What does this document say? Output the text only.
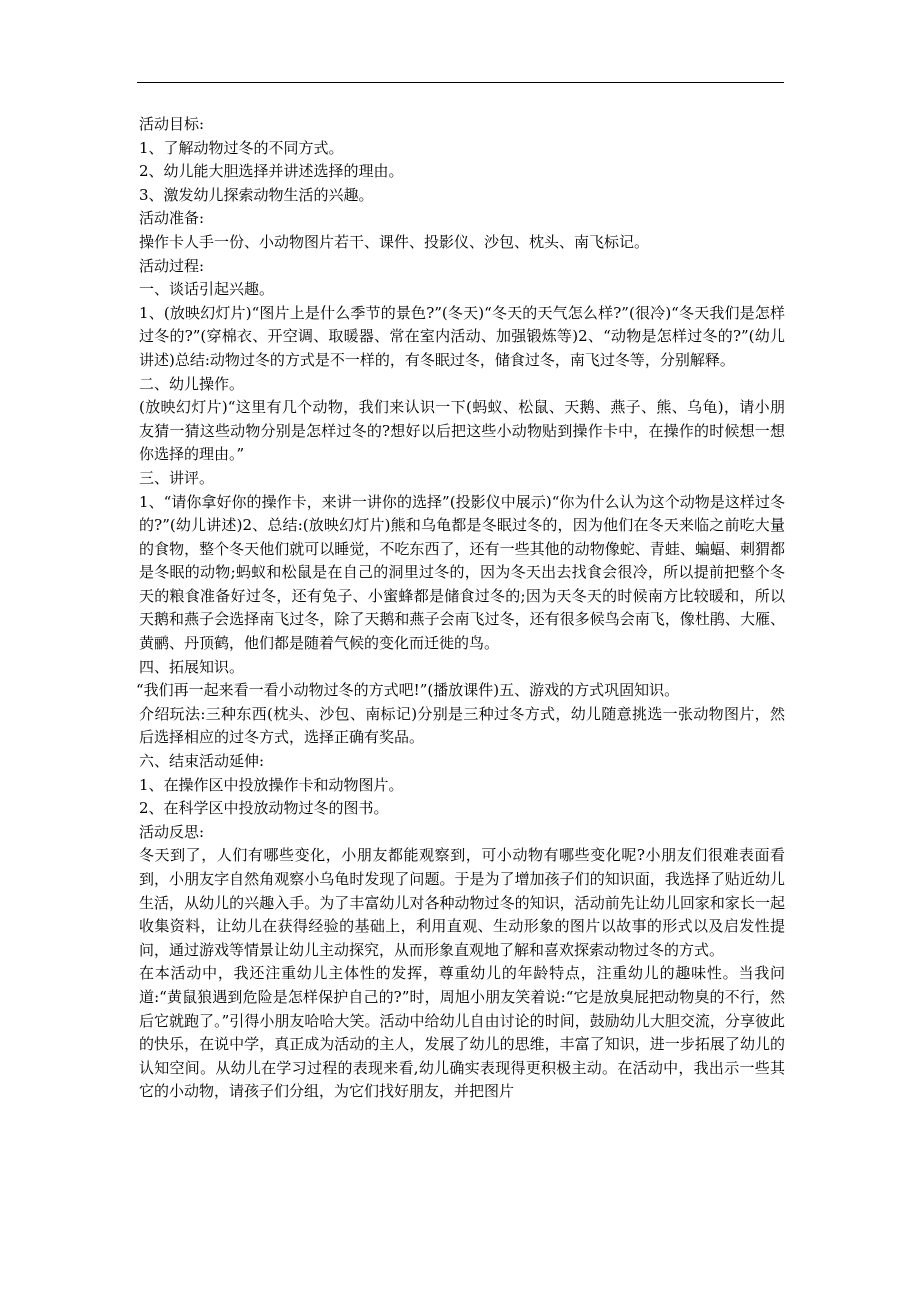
活动目标:

1、了解动物过冬的不同方式。

2、幼儿能大胆选择并讲述选择的理由。

3、激发幼儿探索动物生活的兴趣。

活动准备:

操作卡人手一份、小动物图片若干、课件、投影仪、沙包、枕头、南飞标记。

活动过程:

一、谈话引起兴趣。

1、(放映幻灯片)“图片上是什么季节的景色?”(冬天)“冬天的天气怎么样?”(很冷)“冬天我们是怎样过冬的?”(穿棉衣、开空调、取暖器、常在室内活动、加强锻炼等)2、“动物是怎样过冬的?”(幼儿讲述)总结:动物过冬的方式是不一样的，有冬眠过冬，储食过冬，南飞过冬等，分别解释。

二、幼儿操作。

(放映幻灯片)“这里有几个动物，我们来认识一下(蚂蚁、松鼠、天鹅、燕子、熊、乌龟)，请小朋友猜一猜这些动物分别是怎样过冬的?想好以后把这些小动物贴到操作卡中，在操作的时候想一想你选择的理由。”

三、讲评。

1、“请你拿好你的操作卡，来讲一讲你的选择”(投影仪中展示)“你为什么认为这个动物是这样过冬的?”(幼儿讲述)2、总结:(放映幻灯片)熊和乌龟都是冬眠过冬的，因为他们在冬天来临之前吃大量的食物，整个冬天他们就可以睡觉，不吃东西了，还有一些其他的动物像蛇、青蛙、蝙蝠、刺猬都是冬眠的动物;蚂蚁和松鼠是在自己的洞里过冬的，因为冬天出去找食会很冷，所以提前把整个冬天的粮食准备好过冬，还有兔子、小蜜蜂都是储食过冬的;因为天冬天的时候南方比较暖和，所以天鹅和燕子会选择南飞过冬，除了天鹅和燕子会南飞过冬，还有很多候鸟会南飞，像杜鹃、大雁、黄鹂、丹顶鹤，他们都是随着气候的变化而迁徙的鸟。

四、拓展知识。

“我们再一起来看一看小动物过冬的方式吧!”(播放课件)五、游戏的方式巩固知识。

介绍玩法:三种东西(枕头、沙包、南标记)分别是三种过冬方式，幼儿随意挑选一张动物图片，然后选择相应的过冬方式，选择正确有奖品。

六、结束活动延伸:

1、在操作区中投放操作卡和动物图片。

2、在科学区中投放动物过冬的图书。

活动反思:

冬天到了，人们有哪些变化，小朋友都能观察到，可小动物有哪些变化呢?小朋友们很难表面看到，小朋友字自然角观察小乌龟时发现了问题。于是为了增加孩子们的知识面，我选择了贴近幼儿生活，从幼儿的兴趣入手。为了丰富幼儿对各种动物过冬的知识，活动前先让幼儿回家和家长一起收集资料，让幼儿在获得经验的基础上，利用直观、生动形象的图片以故事的形式以及启发性提问，通过游戏等情景让幼儿主动探究，从而形象直观地了解和喜欢探索动物过冬的方式。

在本活动中，我还注重幼儿主体性的发挥，尊重幼儿的年龄特点，注重幼儿的趣味性。当我问道:“黄鼠狼遇到危险是怎样保护自己的?”时，周旭小朋友笑着说:“它是放臭屁把动物臭的不行，然后它就跑了。”引得小朋友哈哈大笑。活动中给幼儿自由讨论的时间，鼓励幼儿大胆交流，分享彼此的快乐，在说中学，真正成为活动的主人，发展了幼儿的思维，丰富了知识，进一步拓展了幼儿的认知空间。从幼儿在学习过程的表现来看,幼儿确实表现得更积极主动。在活动中，我出示一些其它的小动物，请孩子们分组，为它们找好朋友，并把图片
